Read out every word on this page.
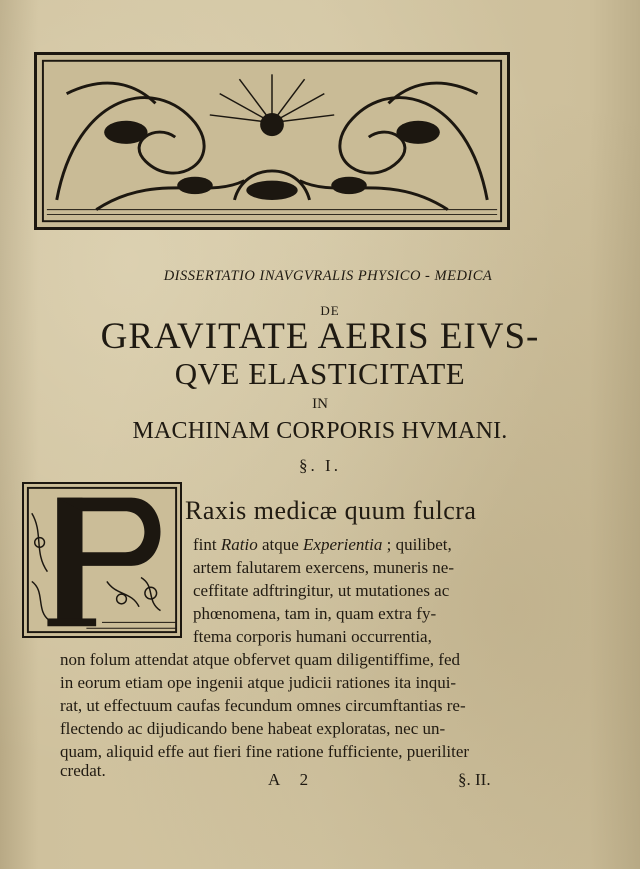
DISSERTATIO INAVGVRALIS PHYSICO - MEDICA
DE
GRAVITATE AERIS EIVS-
QVE ELASTICITATE
IN
MACHINAM CORPORIS HVMANI.
§. I.
Raxis medicæ quum fulcra
fint Ratio atque Experientia ; quilibet,
artem falutarem exercens, muneris ne-
ceffitate adftringitur, ut mutationes ac
phœnomena, tam in, quam extra fy-
ftema corporis humani occurrentia,
non folum attendat atque obfervet quam diligentiffime, fed
in eorum etiam ope ingenii atque judicii rationes ita inqui-
rat, ut effectuum caufas fecundum omnes circumftantias re-
flectendo ac dijudicando bene habeat exploratas, nec un-
quam, aliquid effe aut fieri fine ratione fufficiente, pueriliter
credat.	A 2	§. II.
